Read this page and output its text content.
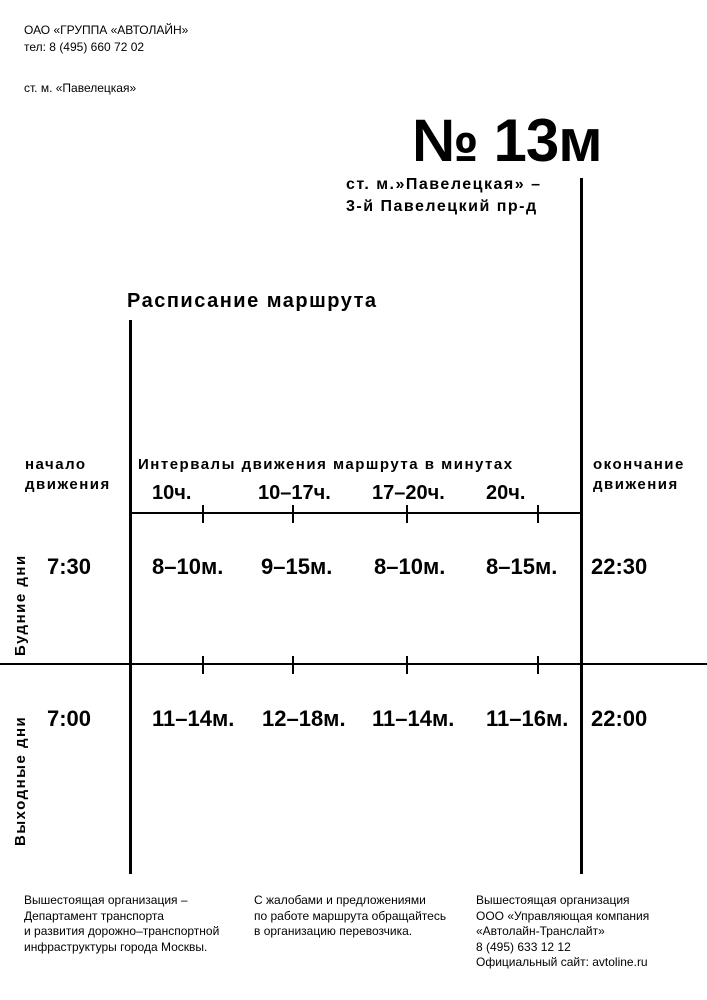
ОАО «ГРУППА «АВТОЛАЙН»
тел: 8 (495) 660 72 02
ст. м. «Павелецкая»
№ 13м
ст. м.»Павелецкая» –
3-й Павелецкий пр-д
Расписание маршрута
начало
движения
Интервалы движения маршрута в минутах	окончание
движения
10ч.	10–17ч. 17–20ч. 20ч.
Будние дни
Выходные дни
7:30	8–10м. 9–15м. 8–10м. 8–15м. 22:30
7:00	11–14м. 12–18м. 11–14м. 11–16м. 22:00
Вышестоящая организация –
Департамент транспорта
и развития дорожно–транспортной
инфраструктуры города Москвы.
С жалобами и предложениями
по работе маршрута обращайтесь
в организацию перевозчика.
Вышестоящая организация
ООО «Управляющая компания
«Автолайн-Транслайт»
8 (495) 633 12 12
Официальный сайт: avtoline.ru
